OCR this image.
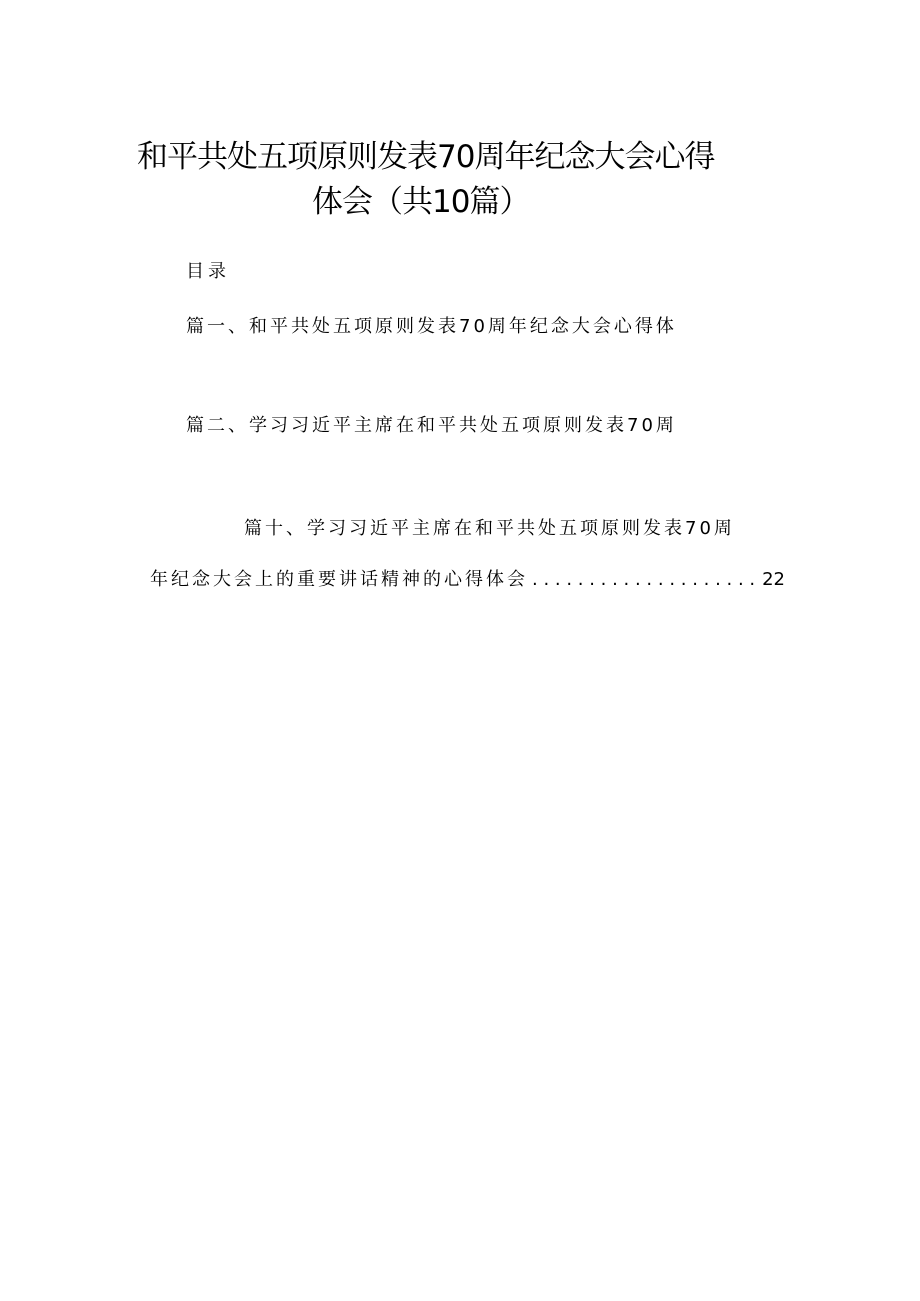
和平共处五项原则发表70周年纪念大会心得
体会（共10篇）
目录
篇一、和平共处五项原则发表70周年纪念大会心得体
篇二、学习习近平主席在和平共处五项原则发表70周
篇十、学习习近平主席在和平共处五项原则发表70周
年纪念大会上的重要讲话精神的心得体会
. . .	22
